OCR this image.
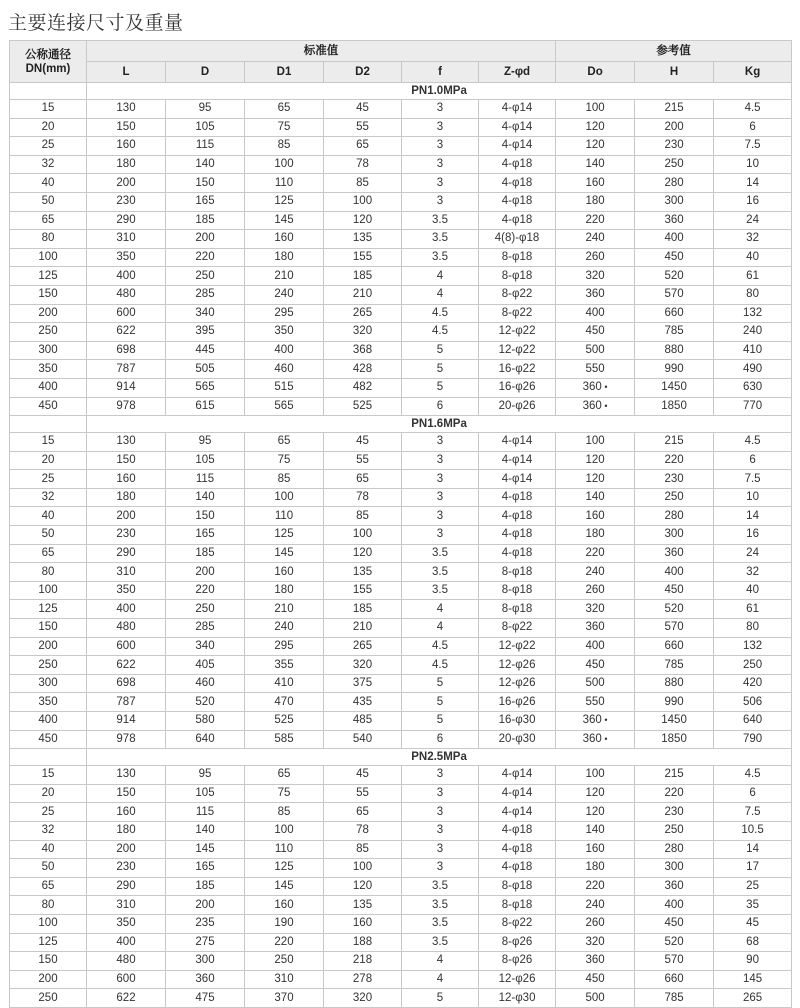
主要连接尺寸及重量
公称通径
DN(mm)	标准值						参考值		
	L	D	D1	D2	f	Z-φd	Do	H	Kg
	PN1.0MPa								
15	130	95	65	45	3	4-φ14	100	215	4.5
20	150	105	75	55	3	4-φ14	120	200	6
25	160	115	85	65	3	4-φ14	120	230	7.5
32	180	140	100	78	3	4-φ18	140	250	10
40	200	150	110	85	3	4-φ18	160	280	14
50	230	165	125	100	3	4-φ18	180	300	16
65	290	185	145	120	3.5	4-φ18	220	360	24
80	310	200	160	135	3.5	4(8)-φ18	240	400	32
100	350	220	180	155	3.5	8-φ18	260	450	40
125	400	250	210	185	4	8-φ18	320	520	61
150	480	285	240	210	4	8-φ22	360	570	80
200	600	340	295	265	4.5	8-φ22	400	660	132
250	622	395	350	320	4.5	12-φ22	450	785	240
300	698	445	400	368	5	12-φ22	500	880	410
350	787	505	460	428	5	16-φ22	550	990	490
400	914	565	515	482	5	16-φ26	360 •	1450	630
450	978	615	565	525	6	20-φ26	360 •	1850	770
	PN1.6MPa								
15	130	95	65	45	3	4-φ14	100	215	4.5
20	150	105	75	55	3	4-φ14	120	220	6
25	160	115	85	65	3	4-φ14	120	230	7.5
32	180	140	100	78	3	4-φ18	140	250	10
40	200	150	110	85	3	4-φ18	160	280	14
50	230	165	125	100	3	4-φ18	180	300	16
65	290	185	145	120	3.5	4-φ18	220	360	24
80	310	200	160	135	3.5	8-φ18	240	400	32
100	350	220	180	155	3.5	8-φ18	260	450	40
125	400	250	210	185	4	8-φ18	320	520	61
150	480	285	240	210	4	8-φ22	360	570	80
200	600	340	295	265	4.5	12-φ22	400	660	132
250	622	405	355	320	4.5	12-φ26	450	785	250
300	698	460	410	375	5	12-φ26	500	880	420
350	787	520	470	435	5	16-φ26	550	990	506
400	914	580	525	485	5	16-φ30	360 •	1450	640
450	978	640	585	540	6	20-φ30	360 •	1850	790
	PN2.5MPa								
15	130	95	65	45	3	4-φ14	100	215	4.5
20	150	105	75	55	3	4-φ14	120	220	6
25	160	115	85	65	3	4-φ14	120	230	7.5
32	180	140	100	78	3	4-φ18	140	250	10.5
40	200	145	110	85	3	4-φ18	160	280	14
50	230	165	125	100	3	4-φ18	180	300	17
65	290	185	145	120	3.5	8-φ18	220	360	25
80	310	200	160	135	3.5	8-φ18	240	400	35
100	350	235	190	160	3.5	8-φ22	260	450	45
125	400	275	220	188	3.5	8-φ26	320	520	68
150	480	300	250	218	4	8-φ26	360	570	90
200	600	360	310	278	4	12-φ26	450	660	145
250	622	475	370	320	5	12-φ30	500	785	265
